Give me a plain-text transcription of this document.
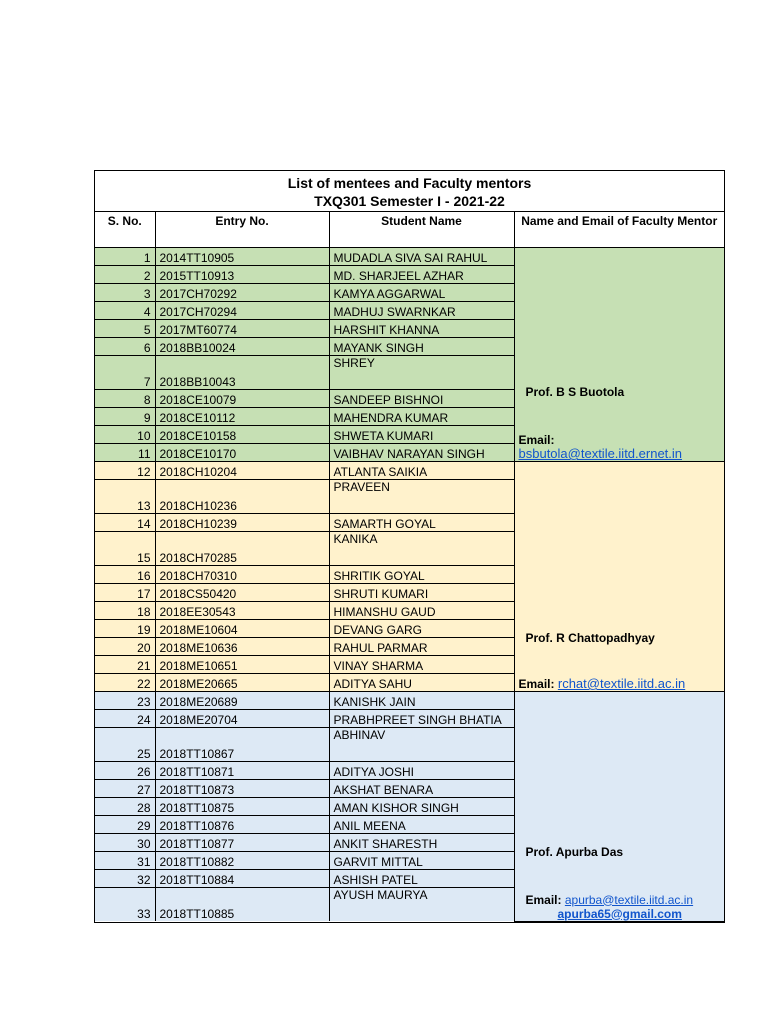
List of mentees and Faculty mentors
TXQ301 Semester I - 2021-22
S. No.	Entry No.	Student Name	Name and Email of Faculty Mentor
1	2014TT10905	MUDADLA SIVA SAI RAHUL	Prof. B S Buotola
Email:
bsbutola@textile.iitd.ernet.in

2	2015TT10913	MD. SHARJEEL AZHAR	
3	2017CH70292	KAMYA AGGARWAL	
4	2017CH70294	MADHUJ SWARNKAR	
5	2017MT60774	HARSHIT KHANNA	
6	2018BB10024	MAYANK SINGH	
7	2018BB10043	SHREY	
8	2018CE10079	SANDEEP BISHNOI	
9	2018CE10112	MAHENDRA KUMAR	
10	2018CE10158	SHWETA KUMARI	
11	2018CE10170	VAIBHAV NARAYAN SINGH	
12	2018CH10204	ATLANTA SAIKIA	Prof. R Chattopadhyay
Email: rchat@textile.iitd.ac.in

13	2018CH10236	PRAVEEN	
14	2018CH10239	SAMARTH GOYAL	
15	2018CH70285	KANIKA	
16	2018CH70310	SHRITIK GOYAL	
17	2018CS50420	SHRUTI KUMARI	
18	2018EE30543	HIMANSHU GAUD	
19	2018ME10604	DEVANG GARG	
20	2018ME10636	RAHUL PARMAR	
21	2018ME10651	VINAY SHARMA	
22	2018ME20665	ADITYA SAHU	
23	2018ME20689	KANISHK JAIN	Prof. Apurba Das
Email: apurba@textile.iitd.ac.in
apurba65@gmail.com

24	2018ME20704	PRABHPREET SINGH BHATIA	
25	2018TT10867	ABHINAV	
26	2018TT10871	ADITYA JOSHI	
27	2018TT10873	AKSHAT BENARA	
28	2018TT10875	AMAN KISHOR SINGH	
29	2018TT10876	ANIL MEENA	
30	2018TT10877	ANKIT SHARESTH	
31	2018TT10882	GARVIT MITTAL	
32	2018TT10884	ASHISH PATEL	
33	2018TT10885	AYUSH MAURYA	
